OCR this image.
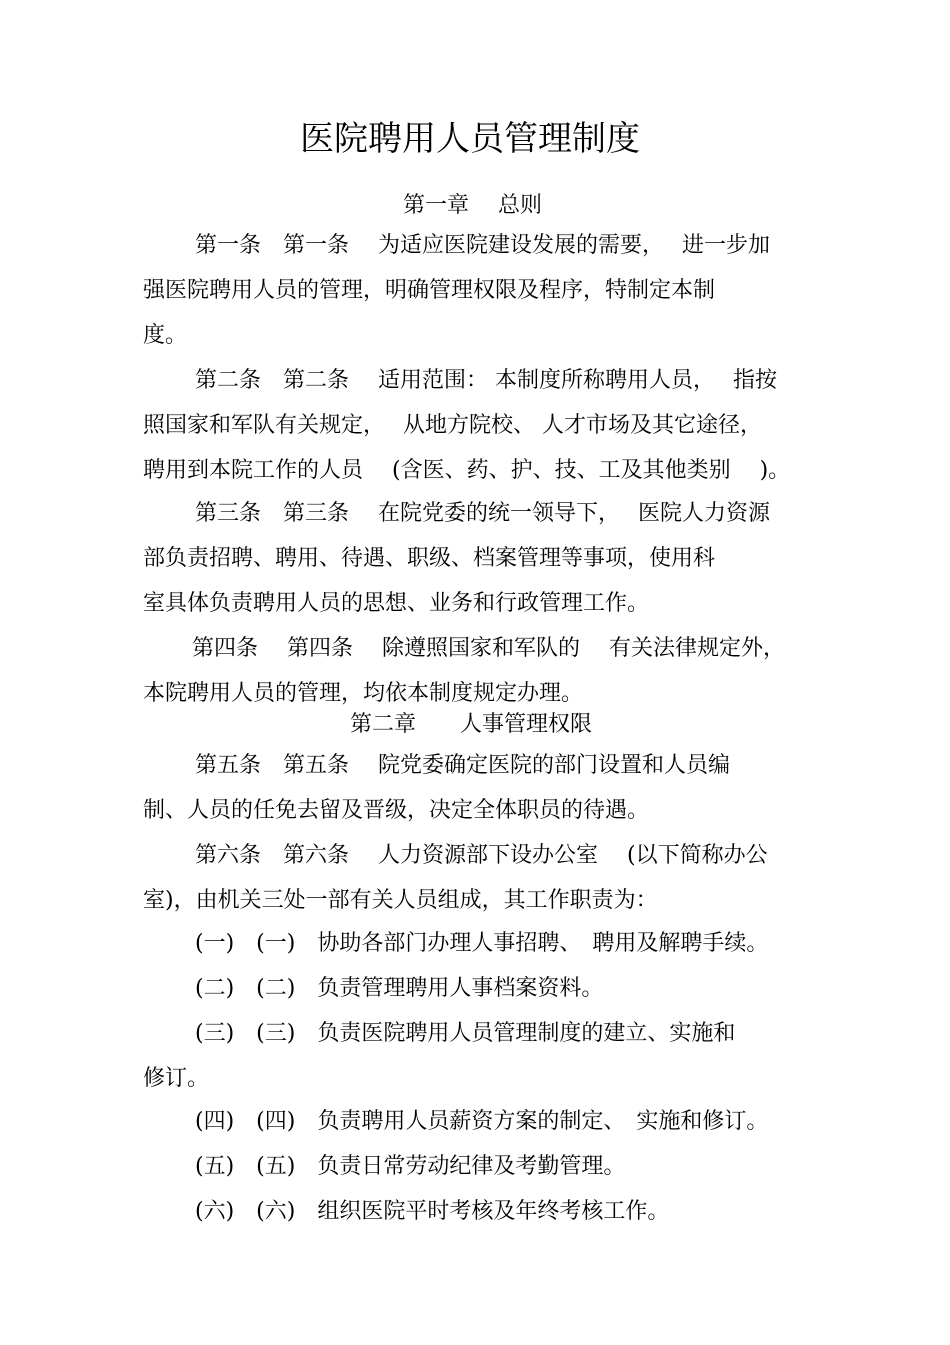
医院聘用人员管理制度
第一章　 总则
第一条　第一条　 为适应医院建设发展的需要，　 进一步加
强医院聘用人员的管理，明确管理权限及程序，特制定本制
度。
第二条　第二条　 适用范围： 本制度所称聘用人员，　 指按
照国家和军队有关规定，　 从地方院校、 人才市场及其它途径，
聘用到本院工作的人员　 (含医、药、护、技、工及其他类别　 )。
第三条　第三条　 在院党委的统一领导下，　 医院人力资源
部负责招聘、聘用、待遇、职级、档案管理等事项，使用科
室具体负责聘用人员的思想、业务和行政管理工作。
第四条　 第四条　 除遵照国家和军队的　 有关法律规定外，
本院聘用人员的管理，均依本制度规定办理。
第二章　　人事管理权限
第五条　第五条　 院党委确定医院的部门设置和人员编
制、人员的任免去留及晋级，决定全体职员的待遇。
第六条　第六条　 人力资源部下设办公室　 (以下简称办公
室)，由机关三处一部有关人员组成，其工作职责为：
(一)　(一)　协助各部门办理人事招聘、　聘用及解聘手续。
(二)　(二)　负责管理聘用人事档案资料。
(三)　(三)　负责医院聘用人员管理制度的建立、实施和
修订。
(四)　(四)　负责聘用人员薪资方案的制定、　实施和修订。
(五)　(五)　负责日常劳动纪律及考勤管理。
(六)　(六)　组织医院平时考核及年终考核工作。
